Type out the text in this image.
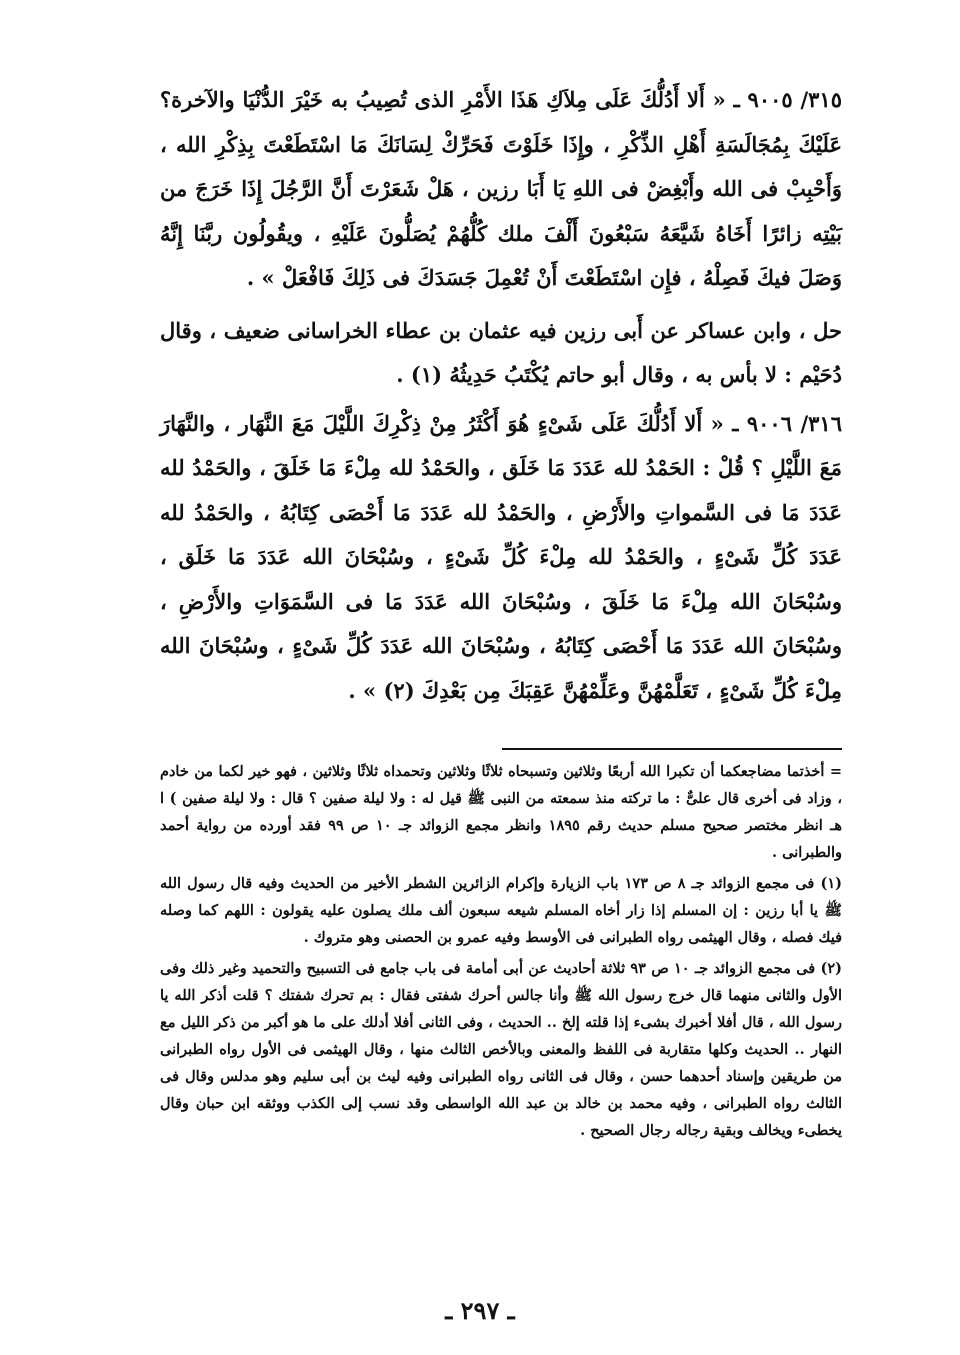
٣١٥/ ٩٠٠٥ ـ « أَلا أَدُلُّكَ عَلَى مِلاَكِ هَذَا الأَمْرِ الذى تُصِيبُ به خَيْرَ الدُّنْيَا والآخرة؟ عَلَيْكَ بِمُجَالَسَةِ أَهْلِ الذِّكْرِ ، وإِذَا خَلَوْتَ فَحَرِّكْ لِسَانَكَ مَا اسْتَطَعْتَ بِذِكْرِ الله ، وَأَحْبِبْ فى الله وأَبْغِضْ فى اللهِ يَا أَبَا رزين ، هَلْ شَعَرْتَ أَنَّ الرَّجُلَ إِذَا خَرَجَ من بَيْتِه زائرًا أَخَاهُ شَيَّعَهُ سَبْعُونَ أَلْفَ ملك كُلُّهُمْ يُصَلُّونَ عَلَيْهِ ، ويقُولُون ربَّنَا إِنَّهُ وَصَلَ فيكَ فَصِلْهُ ، فإِن اسْتَطَعْتَ أَنْ تُعْمِلَ جَسَدَكَ فى ذَلِكَ فَافْعَلْ » .

حل ، وابن عساكر عن أَبى رزين فيه عثمان بن عطاء الخراسانى ضعيف ، وقال دُحَيْم : لا بأس به ، وقال أبو حاتم يُكْتَبُ حَدِيثُهُ (١) .

٣١٦/ ٩٠٠٦ ـ « أَلا أَدُلُّكَ عَلَى شَىْءٍ هُوَ أَكْثَرُ مِنْ ذِكْرِكَ اللَّيْلَ مَعَ النَّهَار ، والنَّهَارَ مَعَ اللَّيْلِ ؟ قُلْ : الحَمْدُ لله عَدَدَ مَا خَلَق ، والحَمْدُ لله مِلْءَ مَا خَلَقَ ، والحَمْدُ لله عَدَدَ مَا فى السَّمواتِ والأَرْضِ ، والحَمْدُ لله عَدَدَ مَا أَحْصَى كِتَابُهُ ، والحَمْدُ لله عَدَدَ كُلِّ شَىْءٍ ، والحَمْدُ لله مِلْءَ كُلِّ شَىْءٍ ، وسُبْحَانَ الله عَدَدَ مَا خَلَق ، وسُبْحَانَ الله مِلْءَ مَا خَلَقَ ، وسُبْحَانَ الله عَدَدَ مَا فى السَّمَوَاتِ والأَرْضِ ، وسُبْحَانَ الله عَدَدَ مَا أَحْصَى كِتَابُهُ ، وسُبْحَانَ الله عَدَدَ كُلِّ شَىْءٍ ، وسُبْحَانَ الله مِلْءَ كُلِّ شَىْءٍ ، تَعَلَّمْهُنَّ وعَلِّمْهُنَّ عَقِبَكَ مِن بَعْدِكَ (٢) » .

= أخذتما مضاجعكما أن تكبرا الله أربعًا وثلاثين وتسبحاه ثلاثًا وثلاثين وتحمداه ثلاثًا وثلاثين ، فهو خير لكما من خادم ، وزاد فى أخرى قال علىٌّ : ما تركته منذ سمعته من النبى ﷺ قيل له : ولا ليلة صفين ؟ قال : ولا ليلة صفين ) ا هـ انظر مختصر صحيح مسلم حديث رقم ١٨٩٥ وانظر مجمع الزوائد جـ ١٠ ص ٩٩ فقد أورده من رواية أحمد والطبرانى .

(١) فى مجمع الزوائد جـ ٨ ص ١٧٣ باب الزيارة وإكرام الزائرين الشطر الأخير من الحديث وفيه قال رسول الله ﷺ يا أبا رزين : إن المسلم إذا زار أخاه المسلم شيعه سبعون ألف ملك يصلون عليه يقولون : اللهم كما وصله فيك فصله ، وقال الهيثمى رواه الطبرانى فى الأوسط وفيه عمرو بن الحصنى وهو متروك .

(٢) فى مجمع الزوائد جـ ١٠ ص ٩٣ ثلاثة أحاديث عن أبى أمامة فى باب جامع فى التسبيح والتحميد وغير ذلك وفى الأول والثانى منهما قال خرج رسول الله ﷺ وأنا جالس أحرك شفتى فقال : بم تحرك شفتك ؟ قلت أذكر الله يا رسول الله ، قال أفلا أخبرك بشىء إذا قلته إلخ .. الحديث ، وفى الثانى أفلا أدلك على ما هو أكبر من ذكر الليل مع النهار .. الحديث وكلها متقاربة فى اللفظ والمعنى وبالأخص الثالث منها ، وقال الهيثمى فى الأول رواه الطبرانى من طريقين وإسناد أحدهما حسن ، وقال فى الثانى رواه الطبرانى وفيه ليث بن أبى سليم وهو مدلس وقال فى الثالث رواه الطبرانى ، وفيه محمد بن خالد بن عبد الله الواسطى وقد نسب إلى الكذب ووثقه ابن حبان وقال يخطىء ويخالف وبقية رجاله رجال الصحيح .

ـ ٢٩٧ ـ
